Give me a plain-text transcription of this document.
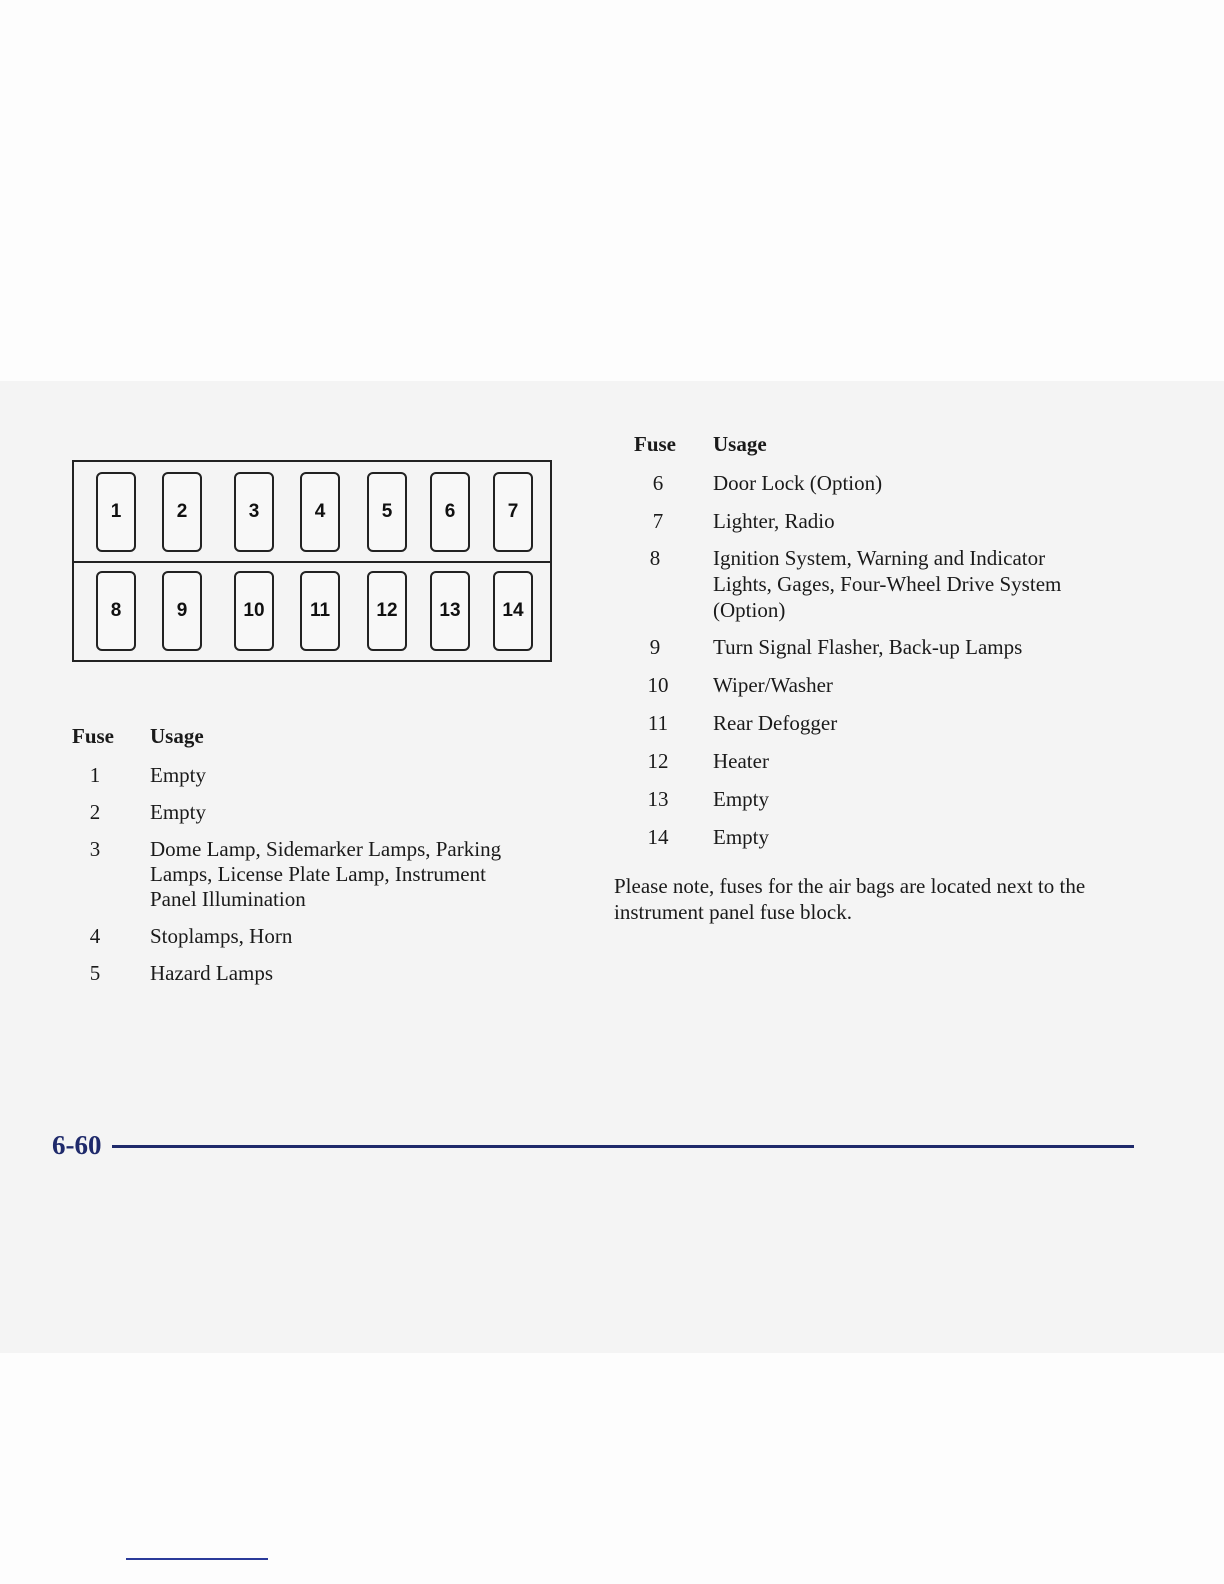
1	2	3	4	5	6	7
8	9	10	11	12	13	14
Fuse Usage
1	Empty
2	Empty
3	Dome Lamp, Sidemarker Lamps, Parking
Lamps, License Plate Lamp, Instrument
Panel Illumination
4	Stoplamps, Horn
5	Hazard Lamps
Fuse Usage
6	Door Lock (Option)
7	Lighter, Radio
8	Ignition System, Warning and Indicator
Lights, Gages, Four-Wheel Drive System
(Option)
9	Turn Signal Flasher, Back-up Lamps
10	Wiper/Washer
11	Rear Defogger
12	Heater
13	Empty
14	Empty
Please note, fuses for the air bags are located next to the
instrument panel fuse block.
6-60
